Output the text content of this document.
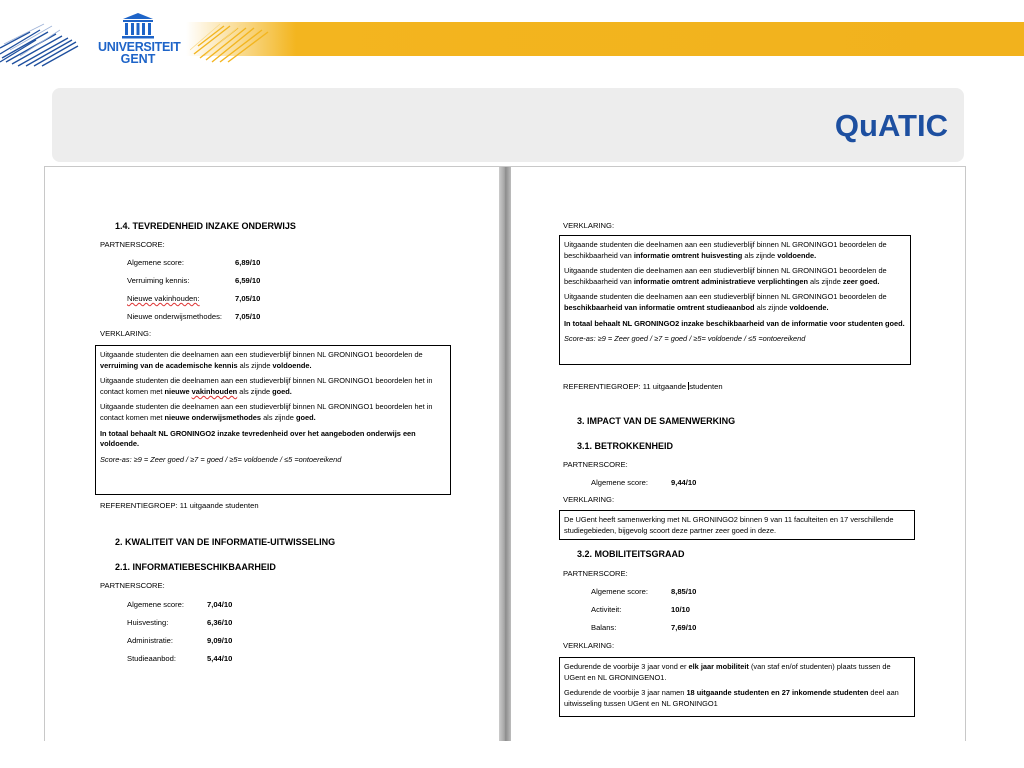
UNIVERSITEIT
GENT
QuATIC
1.4. TEVREDENHEID INZAKE ONDERWIJS
PARTNERSCORE:
Algemene score:	6,89/10
Verruiming kennis:	6,59/10
Nieuwe vakinhouden:	7,05/10
Nieuwe onderwijsmethodes: 7,05/10
VERKLARING:

Uitgaande studenten die deelnamen aan een studieverblijf binnen NL GRONINGO1 beoordelen de verruiming van de academische kennis als zijnde voldoende.

Uitgaande studenten die deelnamen aan een studieverblijf binnen NL GRONINGO1 beoordelen het in contact komen met nieuwe vakinhouden als zijnde goed.

Uitgaande studenten die deelnamen aan een studieverblijf binnen NL GRONINGO1 beoordelen het in contact komen met nieuwe onderwijsmethodes als zijnde goed.

In totaal behaalt NL GRONINGO2 inzake tevredenheid over het aangeboden onderwijs een voldoende.

Score-as: ≥9 = Zeer goed / ≥7 = goed / ≥5= voldoende / ≤5 =ontoereikend

REFERENTIEGROEP: 11 uitgaande studenten
2. KWALITEIT VAN DE INFORMATIE-UITWISSELING
2.1. INFORMATIEBESCHIKBAARHEID
PARTNERSCORE:
Algemene score:	7,04/10
Huisvesting:	6,36/10
Administratie:	9,09/10
Studieaanbod:	5,44/10
VERKLARING:

Uitgaande studenten die deelnamen aan een studieverblijf binnen NL GRONINGO1 beoordelen de beschikbaarheid van informatie omtrent huisvesting als zijnde voldoende.

Uitgaande studenten die deelnamen aan een studieverblijf binnen NL GRONINGO1 beoordelen de beschikbaarheid van informatie omtrent administratieve verplichtingen als zijnde zeer goed.

Uitgaande studenten die deelnamen aan een studieverblijf binnen NL GRONINGO1 beoordelen de beschikbaarheid van informatie omtrent studieaanbod als zijnde voldoende.

In totaal behaalt NL GRONINGO2 inzake beschikbaarheid van de informatie voor studenten goed.

Score-as: ≥9 = Zeer goed / ≥7 = goed / ≥5= voldoende / ≤5 =ontoereikend

REFERENTIEGROEP: 11 uitgaande studenten
3. IMPACT VAN DE SAMENWERKING
3.1. BETROKKENHEID
PARTNERSCORE:
Algemene score:	9,44/10
VERKLARING:

De UGent heeft samenwerking met NL GRONINGO2 binnen 9 van 11 faculteiten en 17 verschillende studiegebieden, bijgevolg scoort deze partner zeer goed in deze.

3.2. MOBILITEITSGRAAD
PARTNERSCORE:
Algemene score:	8,85/10
Activiteit:	10/10
Balans:	7,69/10
VERKLARING:

Gedurende de voorbije 3 jaar vond er elk jaar mobiliteit (van staf en/of studenten) plaats tussen de UGent en NL GRONINGENO1.

Gedurende de voorbije 3 jaar namen 18 uitgaande studenten en 27 inkomende studenten deel aan uitwisseling tussen UGent en NL GRONINGO1
